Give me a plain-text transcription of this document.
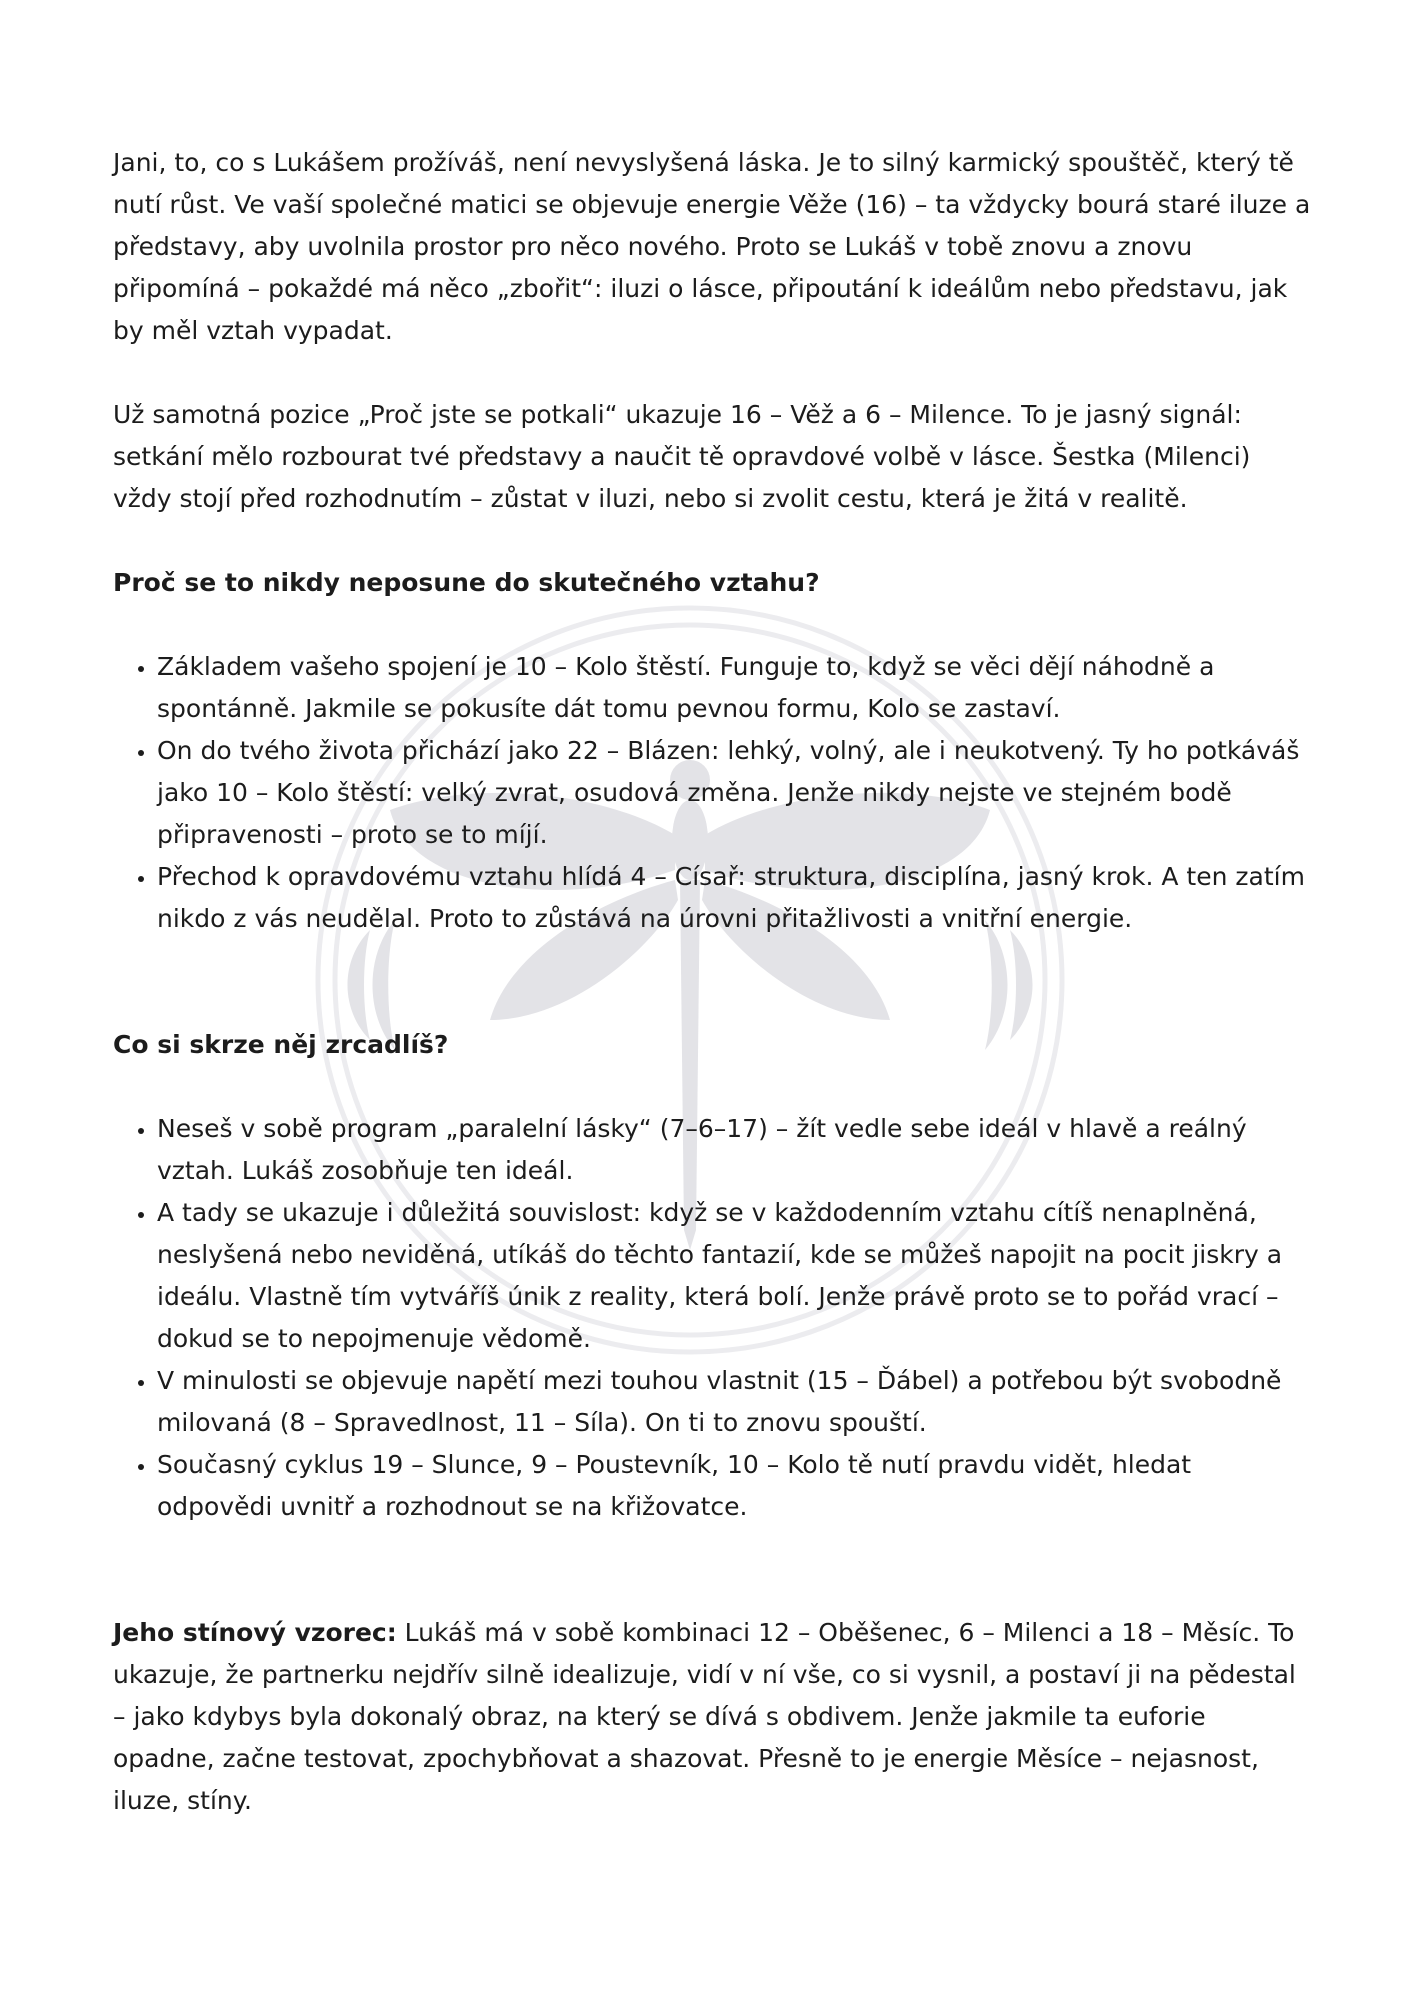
Jani, to, co s Lukášem prožíváš, není nevyslyšená láska. Je to silný karmický spouštěč, který tě nutí růst. Ve vaší společné matici se objevuje energie Věže (16) – ta vždycky bourá staré iluze a představy, aby uvolnila prostor pro něco nového. Proto se Lukáš v tobě znovu a znovu připomíná – pokaždé má něco „zbořit“: iluzi o lásce, připoutání k ideálům nebo představu, jak by měl vztah vypadat.

Už samotná pozice „Proč jste se potkali“ ukazuje 16 – Věž a 6 – Milence. To je jasný signál: setkání mělo rozbourat tvé představy a naučit tě opravdové volbě v lásce. Šestka (Milenci) vždy stojí před rozhodnutím – zůstat v iluzi, nebo si zvolit cestu, která je žitá v realitě.

Proč se to nikdy neposune do skutečného vztahu?

• Základem vašeho spojení je 10 – Kolo štěstí. Funguje to, když se věci dějí náhodně a spontánně. Jakmile se pokusíte dát tomu pevnou formu, Kolo se zastaví.
• On do tvého života přichází jako 22 – Blázen: lehký, volný, ale i neukotvený. Ty ho potkáváš jako 10 – Kolo štěstí: velký zvrat, osudová změna. Jenže nikdy nejste ve stejném bodě připravenosti – proto se to míjí.
• Přechod k opravdovému vztahu hlídá 4 – Císař: struktura, disciplína, jasný krok. A ten zatím nikdo z vás neudělal. Proto to zůstává na úrovni přitažlivosti a vnitřní energie.

Co si skrze něj zrcadlíš?

• Neseš v sobě program „paralelní lásky“ (7–6–17) – žít vedle sebe ideál v hlavě a reálný vztah. Lukáš zosobňuje ten ideál.
• A tady se ukazuje i důležitá souvislost: když se v každodenním vztahu cítíš nenaplněná, neslyšená nebo neviděná, utíkáš do těchto fantazií, kde se můžeš napojit na pocit jiskry a ideálu. Vlastně tím vytváříš únik z reality, která bolí. Jenže právě proto se to pořád vrací – dokud se to nepojmenuje vědomě.
• V minulosti se objevuje napětí mezi touhou vlastnit (15 – Ďábel) a potřebou být svobodně milovaná (8 – Spravedlnost, 11 – Síla). On ti to znovu spouští.
• Současný cyklus 19 – Slunce, 9 – Poustevník, 10 – Kolo tě nutí pravdu vidět, hledat odpovědi uvnitř a rozhodnout se na křižovatce.

Jeho stínový vzorec: Lukáš má v sobě kombinaci 12 – Oběšenec, 6 – Milenci a 18 – Měsíc. To ukazuje, že partnerku nejdřív silně idealizuje, vidí v ní vše, co si vysnil, a postaví ji na pědestal – jako kdybys byla dokonalý obraz, na který se dívá s obdivem. Jenže jakmile ta euforie opadne, začne testovat, zpochybňovat a shazovat. Přesně to je energie Měsíce – nejasnost, iluze, stíny.
